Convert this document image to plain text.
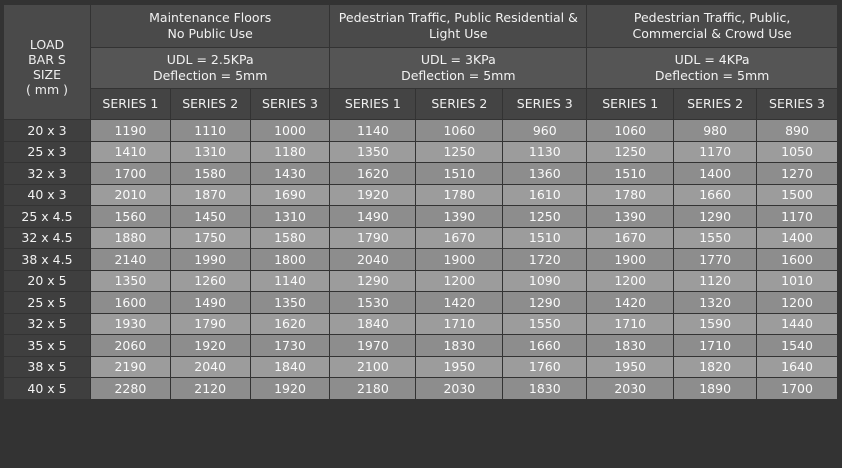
LOAD
BAR S
SIZE
( mm )	Maintenance Floors
No Public Use			Pedestrian Traffic, Public Residential &
Light Use			Pedestrian Traffic, Public,
Commercial & Crowd Use		
	UDL = 2.5KPa
Deflection = 5mm			UDL = 3KPa
Deflection = 5mm			UDL = 4KPa
Deflection = 5mm		
	SERIES 1	SERIES 2	SERIES 3	SERIES 1	SERIES 2	SERIES 3	SERIES 1	SERIES 2	SERIES 3
20 x 3	1190	1110	1000	1140	1060	960	1060	980	890
25 x 3	1410	1310	1180	1350	1250	1130	1250	1170	1050
32 x 3	1700	1580	1430	1620	1510	1360	1510	1400	1270
40 x 3	2010	1870	1690	1920	1780	1610	1780	1660	1500
25 x 4.5	1560	1450	1310	1490	1390	1250	1390	1290	1170
32 x 4.5	1880	1750	1580	1790	1670	1510	1670	1550	1400
38 x 4.5	2140	1990	1800	2040	1900	1720	1900	1770	1600
20 x 5	1350	1260	1140	1290	1200	1090	1200	1120	1010
25 x 5	1600	1490	1350	1530	1420	1290	1420	1320	1200
32 x 5	1930	1790	1620	1840	1710	1550	1710	1590	1440
35 x 5	2060	1920	1730	1970	1830	1660	1830	1710	1540
38 x 5	2190	2040	1840	2100	1950	1760	1950	1820	1640
40 x 5	2280	2120	1920	2180	2030	1830	2030	1890	1700
